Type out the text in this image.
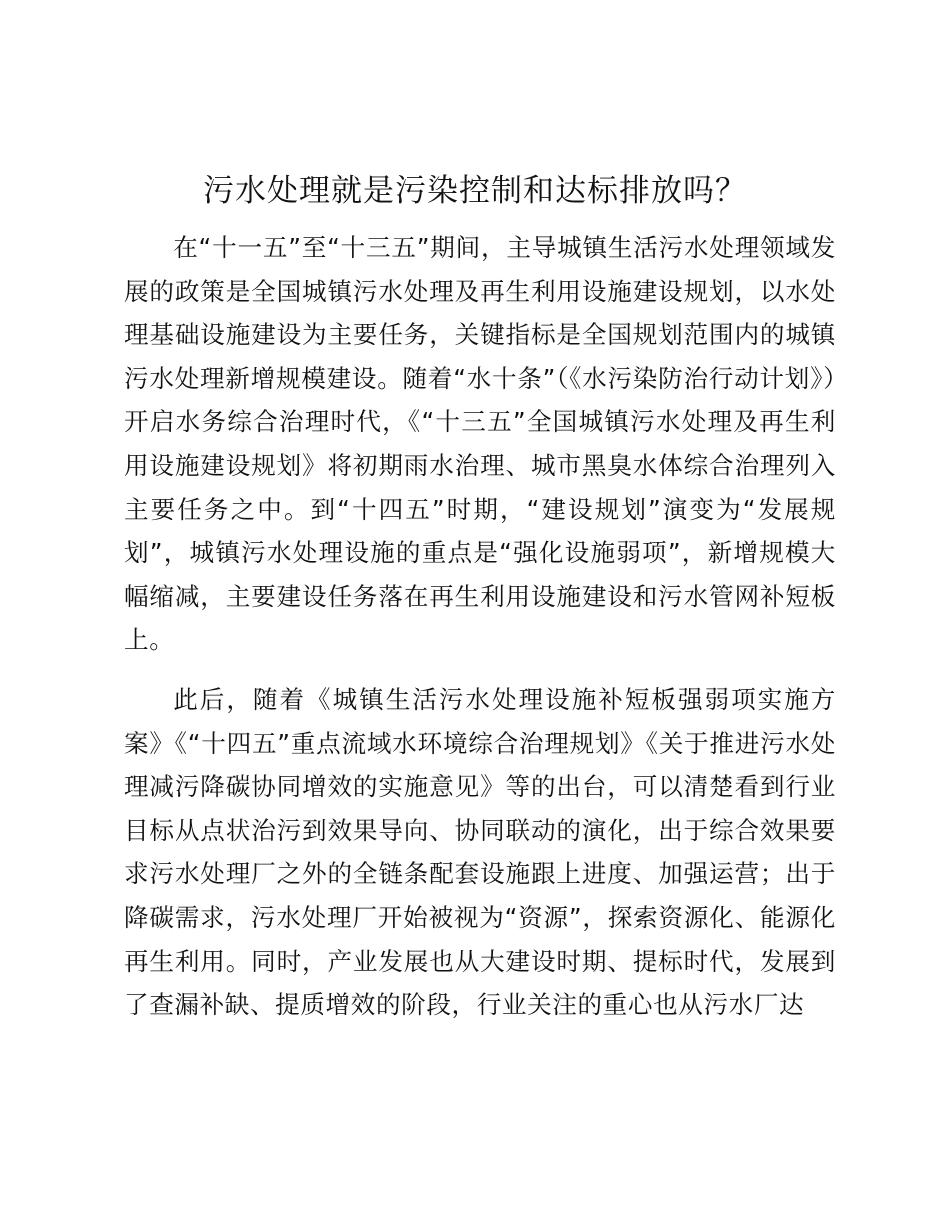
污水处理就是污染控制和达标排放吗？

在“十一五”至“十三五”期间，主导城镇生活污水处理领域发展的政策是全国城镇污水处理及再生利用设施建设规划，以水处理基础设施建设为主要任务，关键指标是全国规划范围内的城镇污水处理新增规模建设。随着“水十条”（《水污染防治行动计划》）开启水务综合治理时代，《“十三五”全国城镇污水处理及再生利用设施建设规划》将初期雨水治理、城市黑臭水体综合治理列入主要任务之中。到“十四五”时期，“建设规划”演变为“发展规划”，城镇污水处理设施的重点是“强化设施弱项”，新增规模大幅缩减，主要建设任务落在再生利用设施建设和污水管网补短板上。

此后，随着《城镇生活污水处理设施补短板强弱项实施方案》《“十四五”重点流域水环境综合治理规划》《关于推进污水处理减污降碳协同增效的实施意见》等的出台，可以清楚看到行业目标从点状治污到效果导向、协同联动的演化，出于综合效果要求污水处理厂之外的全链条配套设施跟上进度、加强运营；出于降碳需求，污水处理厂开始被视为“资源”，探索资源化、能源化再生利用。同时，产业发展也从大建设时期、提标时代，发展到了查漏补缺、提质增效的阶段，行业关注的重心也从污水厂达
